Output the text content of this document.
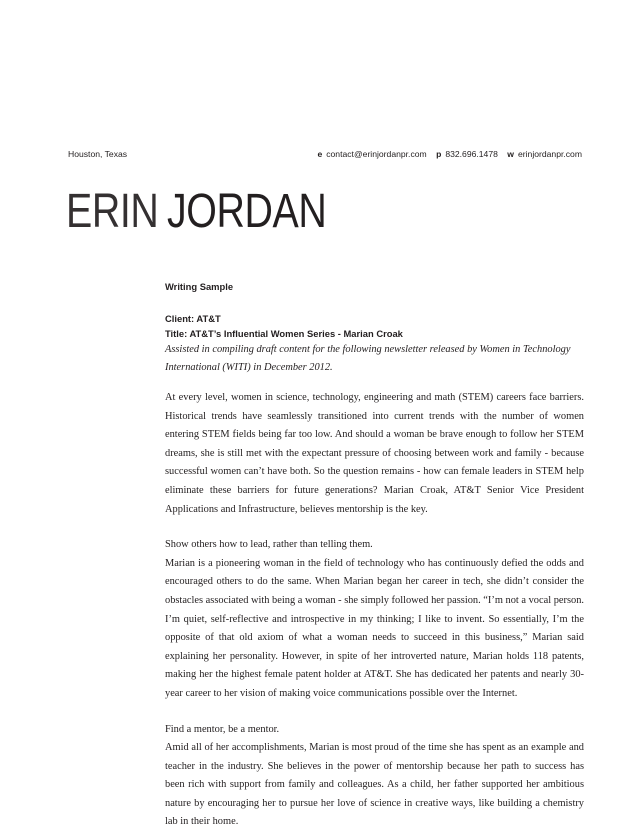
Houston, Texas	e contact@erinjordanpr.com p 832.696.1478 w erinjordanpr.com
ERIN JORDAN
Writing Sample
Client: AT&T
Title: AT&T’s Influential Women Series - Marian Croak
Assisted in compiling draft content for the following newsletter released by Women in Technology International (WITI) in December 2012.

At every level, women in science, technology, engineering and math (STEM) careers face barriers. Historical trends have seamlessly transitioned into current trends with the number of women entering STEM fields being far too low. And should a woman be brave enough to follow her STEM dreams, she is still met with the expectant pressure of choosing between work and family - because successful women can’t have both. So the question remains - how can female leaders in STEM help eliminate these barriers for future generations? Marian Croak, AT&T Senior Vice President Applications and Infrastructure, believes mentorship is the key.

Show others how to lead, rather than telling them.

Marian is a pioneering woman in the field of technology who has continuously defied the odds and encouraged others to do the same. When Marian began her career in tech, she didn’t consider the obstacles associated with being a woman - she simply followed her passion. “I’m not a vocal person. I’m quiet, self-reflective and introspective in my thinking; I like to invent. So essentially, I’m the opposite of that old axiom of what a woman needs to succeed in this business,” Marian said explaining her personality. However, in spite of her introverted nature, Marian holds 118 patents, making her the highest female patent holder at AT&T. She has dedicated her patents and nearly 30-year career to her vision of making voice communications possible over the Internet.

Find a mentor, be a mentor.

Amid all of her accomplishments, Marian is most proud of the time she has spent as an example and teacher in the industry. She believes in the power of mentorship because her path to success has been rich with support from family and colleagues. As a child, her father supported her ambitious nature by encouraging her to pursue her love of science in creative ways, like building a chemistry lab in their home.
